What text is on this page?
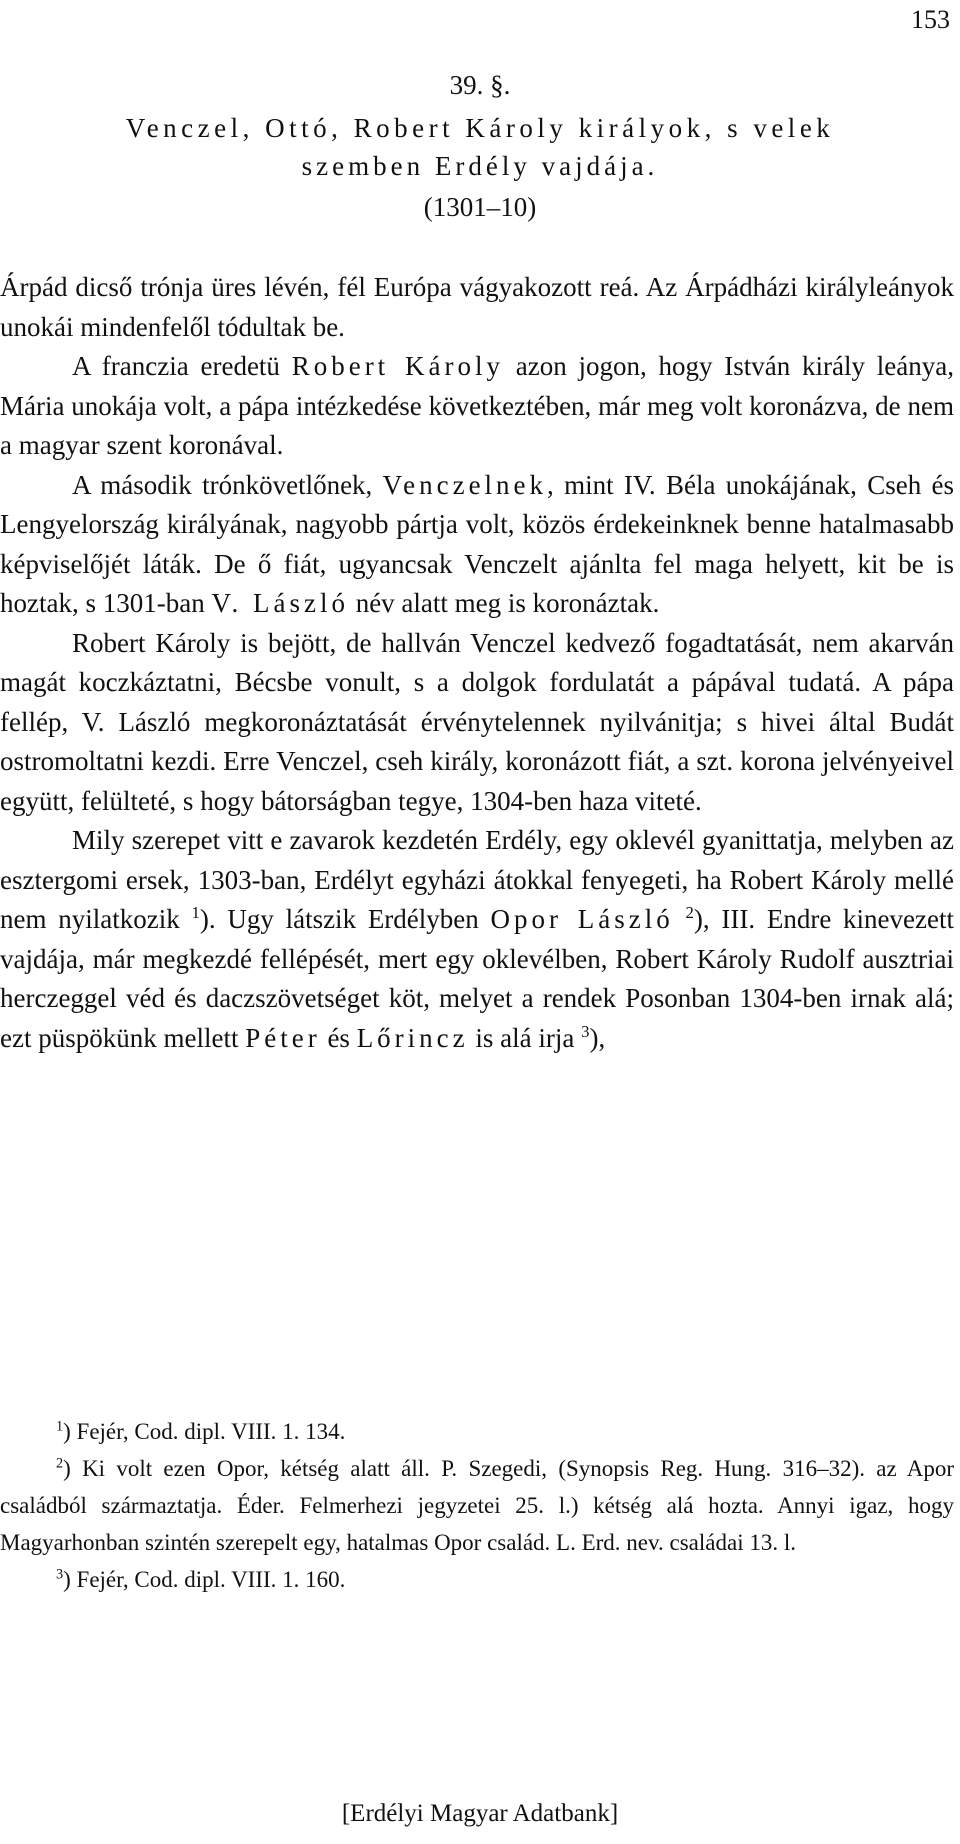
153
39. §.
Venczel, Ottó, Robert Károly királyok, s velek
szemben Erdély vajdája.
(1301–10)

Árpád dicső trónja üres lévén, fél Európa vágyakozott reá. Az Árpádházi királyleányok unokái mindenfelől tódultak be.

A franczia eredetü Robert Károly azon jogon, hogy István király leánya, Mária unokája volt, a pápa intézkedése következtében, már meg volt koronázva, de nem a magyar szent koronával.

A második trónkövetlőnek, Venczelnek, mint IV. Béla unokájának, Cseh és Lengyelország királyának, nagyobb pártja volt, közös érdekeinknek benne hatalmasabb képviselőjét láták. De ő fiát, ugyancsak Venczelt ajánlta fel maga helyett, kit be is hoztak, s 1301-ban V. László név alatt meg is koronáztak.

Robert Károly is bejött, de hallván Venczel kedvező fogadtatását, nem akarván magát koczkáztatni, Bécsbe vonult, s a dolgok fordulatát a pápával tudatá. A pápa fellép, V. László megkoronáztatását érvénytelennek nyilvánitja; s hivei által Budát ostromoltatni kezdi. Erre Venczel, cseh király, koronázott fiát, a szt. korona jelvényeivel együtt, felülteté, s hogy bátorságban tegye, 1304-ben haza viteté.

Mily szerepet vitt e zavarok kezdetén Erdély, egy oklevél gyanittatja, melyben az esztergomi ersek, 1303-ban, Erdélyt egyházi átokkal fenyegeti, ha Robert Károly mellé nem nyilatkozik $^1$). Ugy látszik Erdélyben Opor László $^2$), III. Endre kinevezett vajdája, már megkezdé fellépését, mert egy oklevélben, Robert Károly Rudolf ausztriai herczeggel véd és daczszövetséget köt, melyet a rendek Posonban 1304-ben irnak alá; ezt püspökünk mellett Péter és Lőrincz is alá irja $^3$),

$^1$) Fejér, Cod. dipl. VIII. 1. 134.

$^2$) Ki volt ezen Opor, kétség alatt áll. P. Szegedi, (Synopsis Reg. Hung. 316–32). az Apor családból származtatja. Éder. Felmerhezi jegyzetei 25. l.) kétség alá hozta. Annyi igaz, hogy Magyarhonban szintén szerepelt egy, hatalmas Opor család. L. Erd. nev. családai 13. l.

$^3$) Fejér, Cod. dipl. VIII. 1. 160.

[Erdélyi Magyar Adatbank]
